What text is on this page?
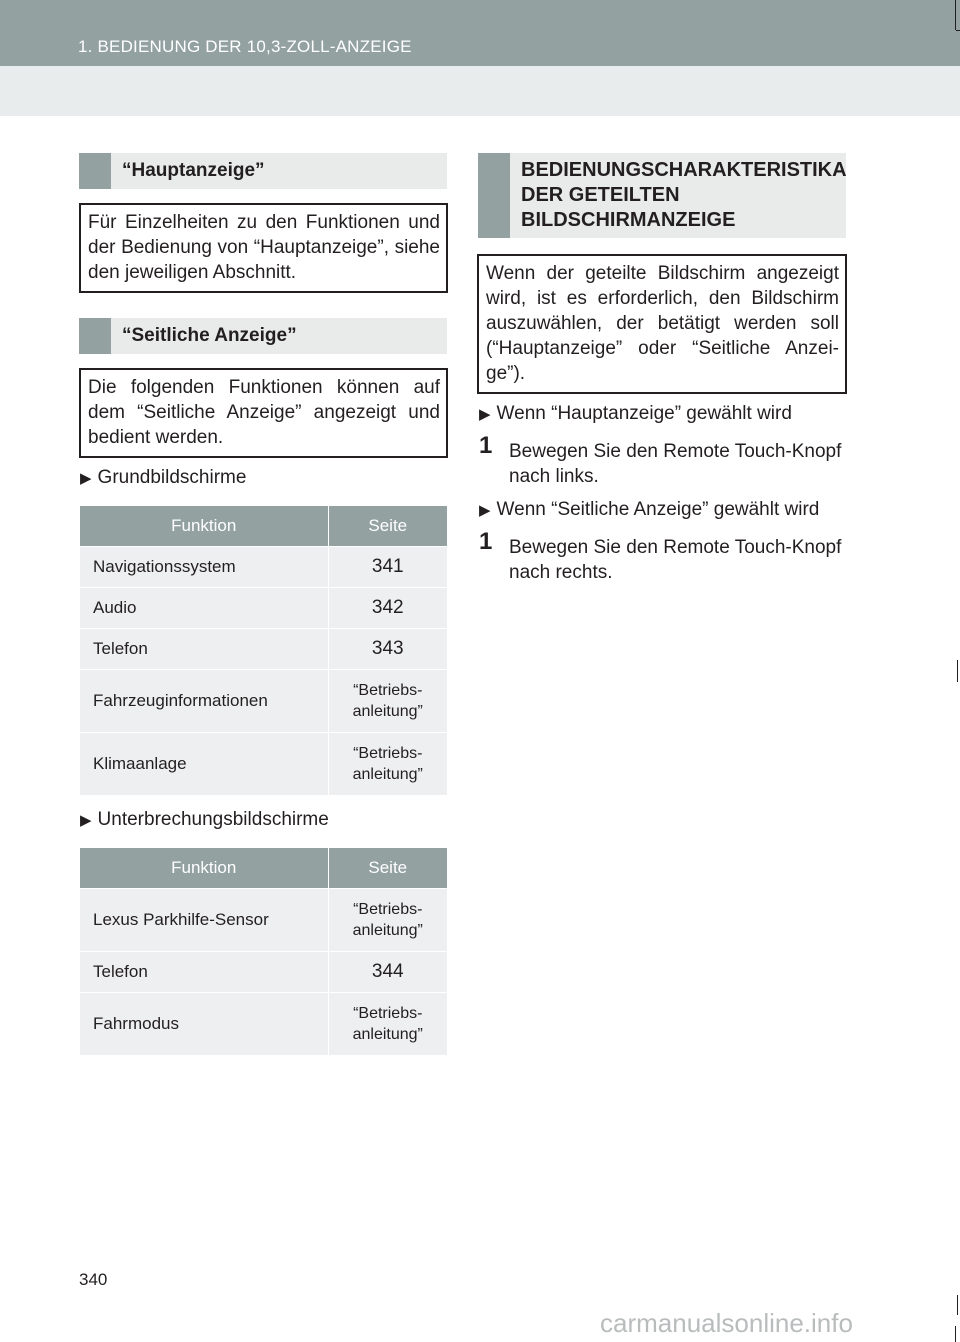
1. BEDIENUNG DER 10,3-ZOLL-ANZEIGE
“Hauptanzeige”
Für Einzelheiten zu den Funktionen und der Bedienung von “Hauptanzeige”, siehe den jeweiligen Abschnitt.
“Seitliche Anzeige”
Die folgenden Funktionen können auf dem “Seitliche Anzeige” angezeigt und bedient werden.
▶ Grundbildschirme
Funktion	Seite
Navigationssystem	341
Audio	342
Telefon	343
Fahrzeuginformationen	“Betriebs-anleitung”
Klimaanlage	“Betriebs-anleitung”
▶ Unterbrechungsbildschirme
Funktion	Seite
Lexus Parkhilfe-Sensor	“Betriebs-anleitung”
Telefon	344
Fahrmodus	“Betriebs-anleitung”
BEDIENUNGSCHARAKTERISTIKA DER GETEILTEN BILDSCHIRMANZEIGE
Wenn der geteilte Bildschirm angezeigt wird, ist es erforderlich, den Bildschirm auszuwählen, der betätigt werden soll (“Hauptanzeige” oder “Seitliche Anzeige”).
▶ Wenn “Hauptanzeige” gewählt wird
1 Bewegen Sie den Remote Touch-Knopf nach links.
▶ Wenn “Seitliche Anzeige” gewählt wird
1 Bewegen Sie den Remote Touch-Knopf nach rechts.
340
carmanualsonline.info
